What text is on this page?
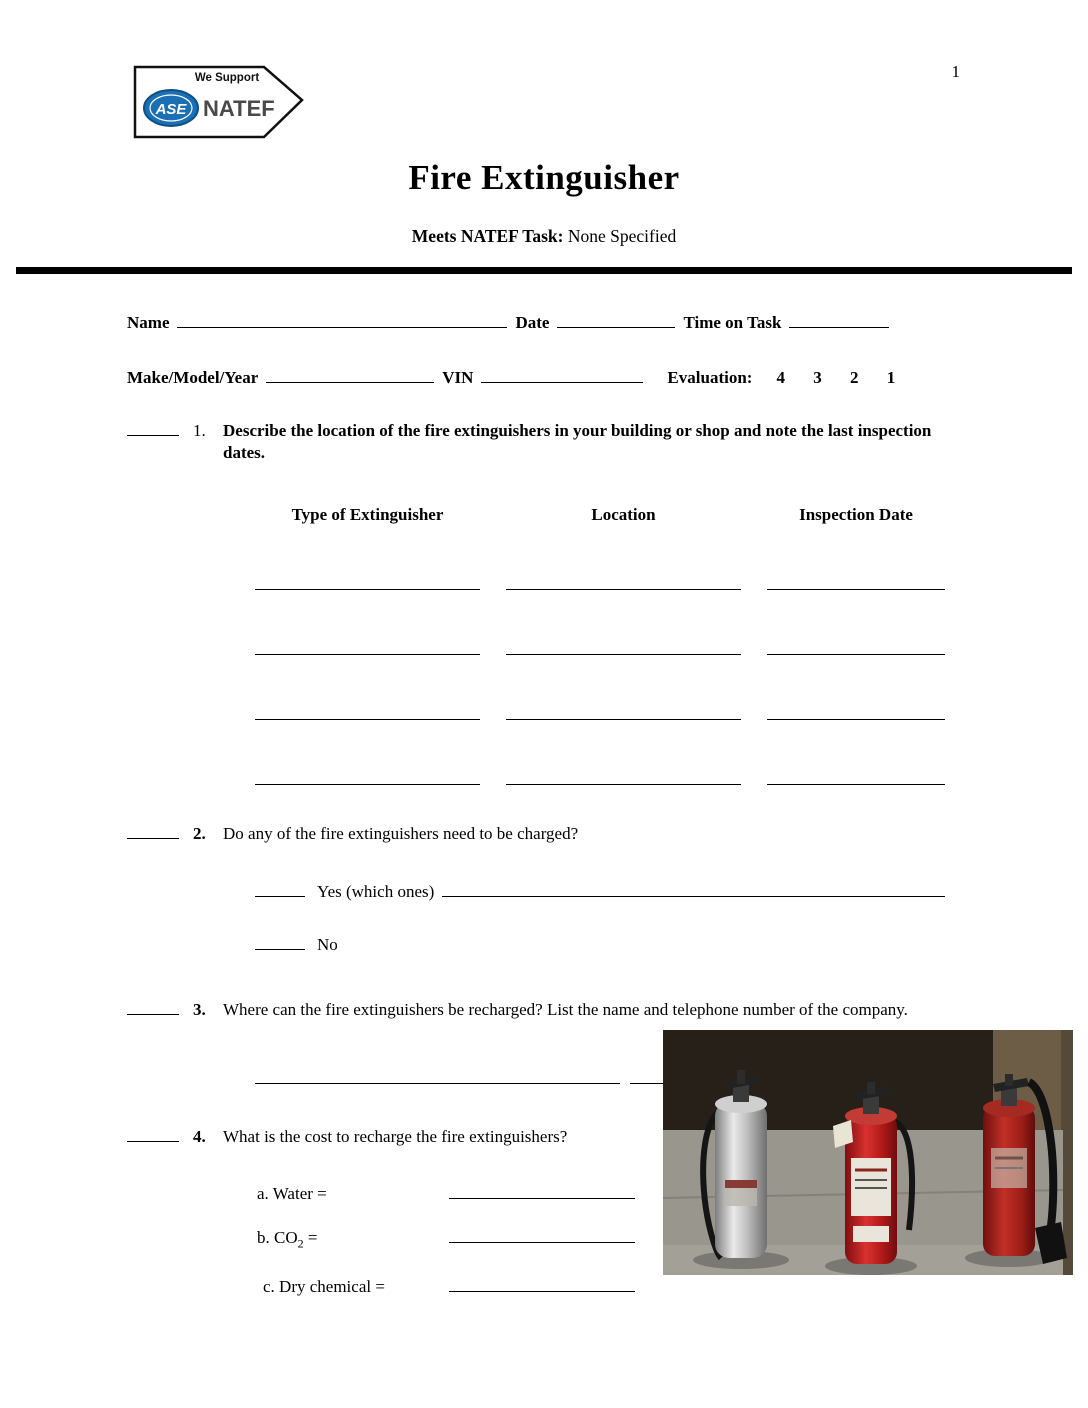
1
We Support
ASE NATEF
Fire Extinguisher
Meets NATEF Task: None Specified
Name	Date	Time on Task
Make/Model/Year	VIN	Evaluation:	4 3 2 1
1.	Describe the location of the fire extinguishers in your building or shop and note the last inspection dates.
Type of Extinguisher	Location	Inspection Date
2.	Do any of the fire extinguishers need to be charged?
Yes (which ones)
No
3.	Where can the fire extinguishers be recharged? List the name and telephone number of the company.
4.	What is the cost to recharge the fire extinguishers?
a. Water =
b. $CO_2$ =
c. Dry chemical =
